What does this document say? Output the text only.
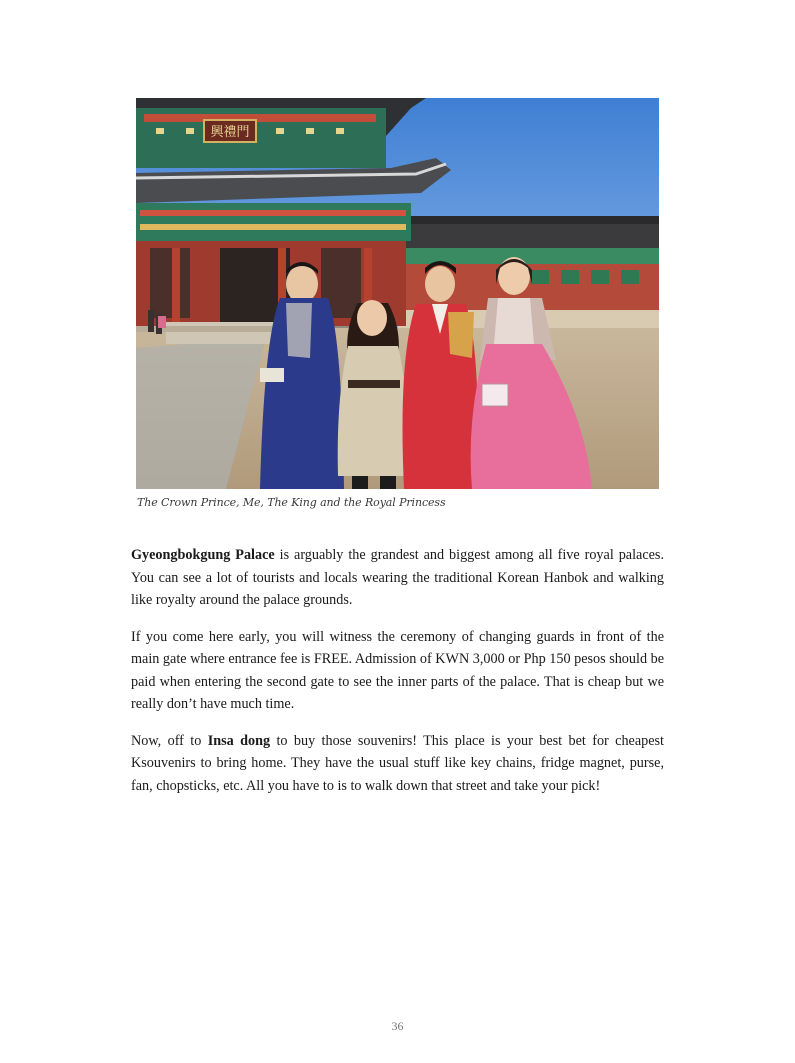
興禮門
The Crown Prince, Me, The King and the Royal Princess

Gyeongbokgung Palace is arguably the grandest and biggest among all five royal palaces. You can see a lot of tourists and locals wearing the traditional Korean Hanbok and walking like royalty around the palace grounds.

If you come here early, you will witness the ceremony of changing guards in front of the main gate where entrance fee is FREE. Admission of KWN 3,000 or Php 150 pesos should be paid when entering the second gate to see the inner parts of the palace. That is cheap but we really don’t have much time.

Now, off to Insa dong to buy those souvenirs! This place is your best bet for cheapest Ksouvenirs to bring home. They have the usual stuff like key chains, fridge magnet, purse, fan, chopsticks, etc. All you have to is to walk down that street and take your pick!

36
